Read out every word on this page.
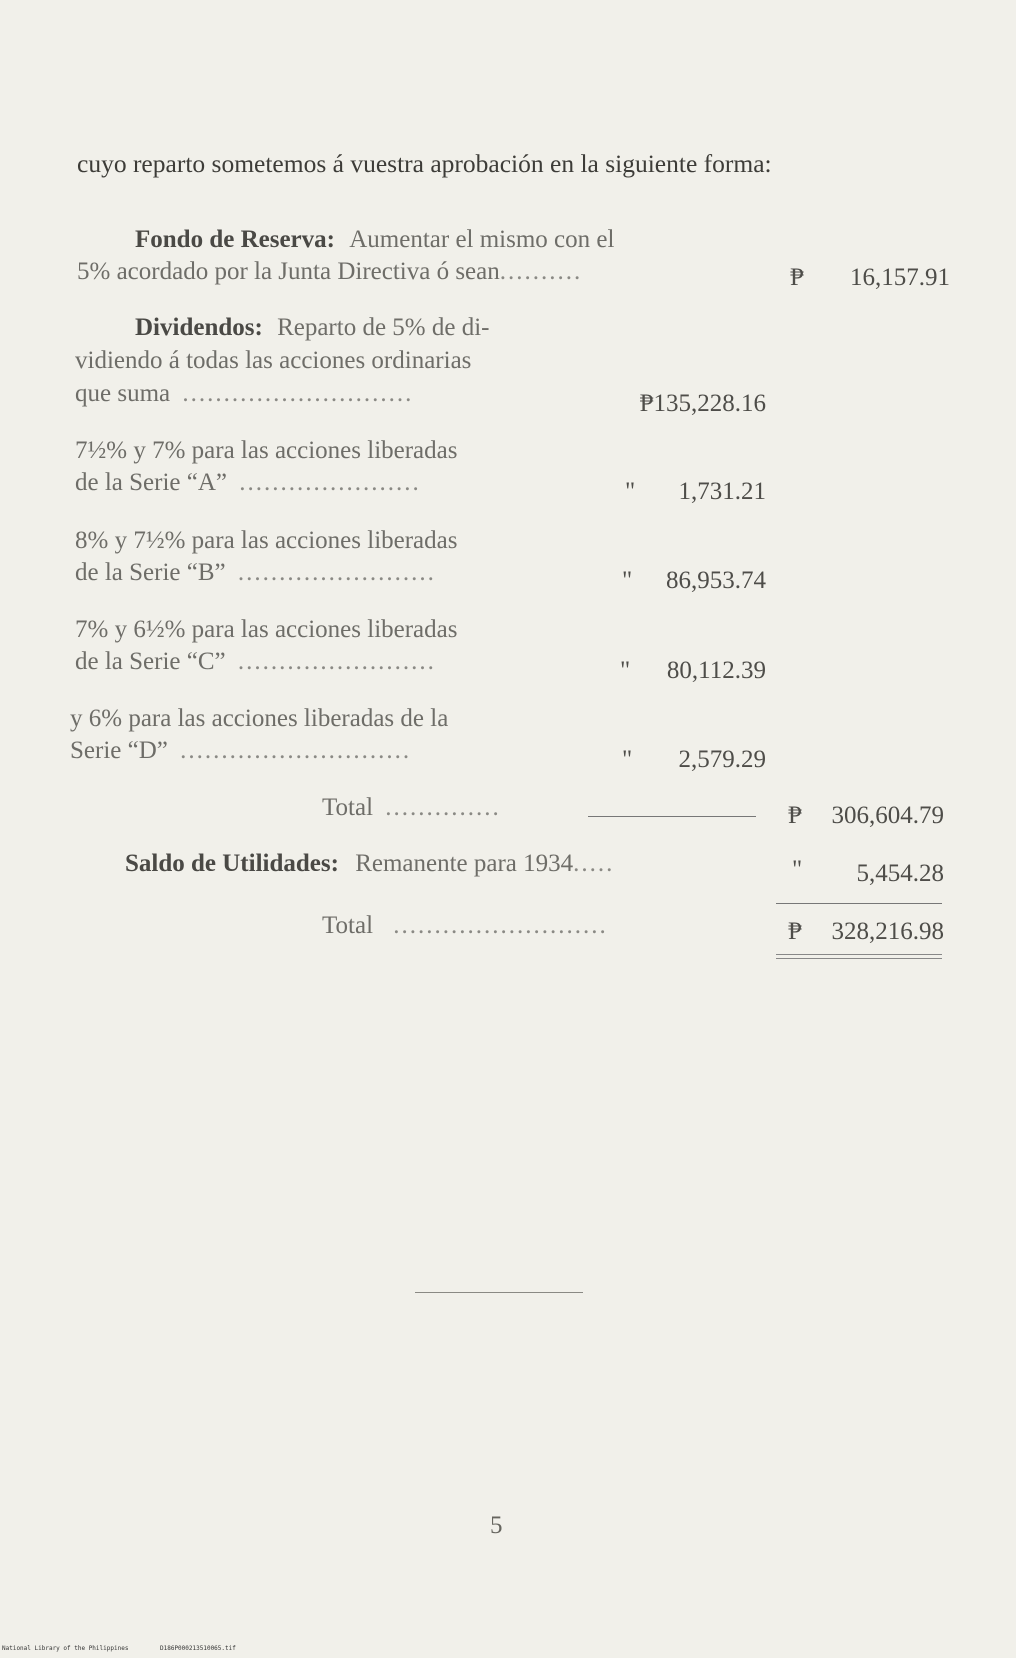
cuyo reparto sometemos á vuestra aprobación en la siguiente forma:
Fondo de Reserva: Aumentar el mismo con el
5% acordado por la Junta Directiva ó sean..........	₱ 16,157.91
Dividendos: Reparto de 5% de di-
vidiendo á todas las acciones ordinarias
que suma ............................	₱135,228.16
7½% y 7% para las acciones liberadas
de la Serie “A” ......................	" 1,731.21
8% y 7½% para las acciones liberadas
de la Serie “B” ........................	" 86,953.74
7% y 6½% para las acciones liberadas
de la Serie “C” ........................	" 80,112.39
y 6% para las acciones liberadas de la
Serie “D” ............................	" 2,579.29
Total ..............	₱ 306,604.79
Saldo de Utilidades: Remanente para 1934.....	" 5,454.28
Total ..........................	₱ 328,216.98
5
National Library of the Philippines	D186P000213510065.tif
